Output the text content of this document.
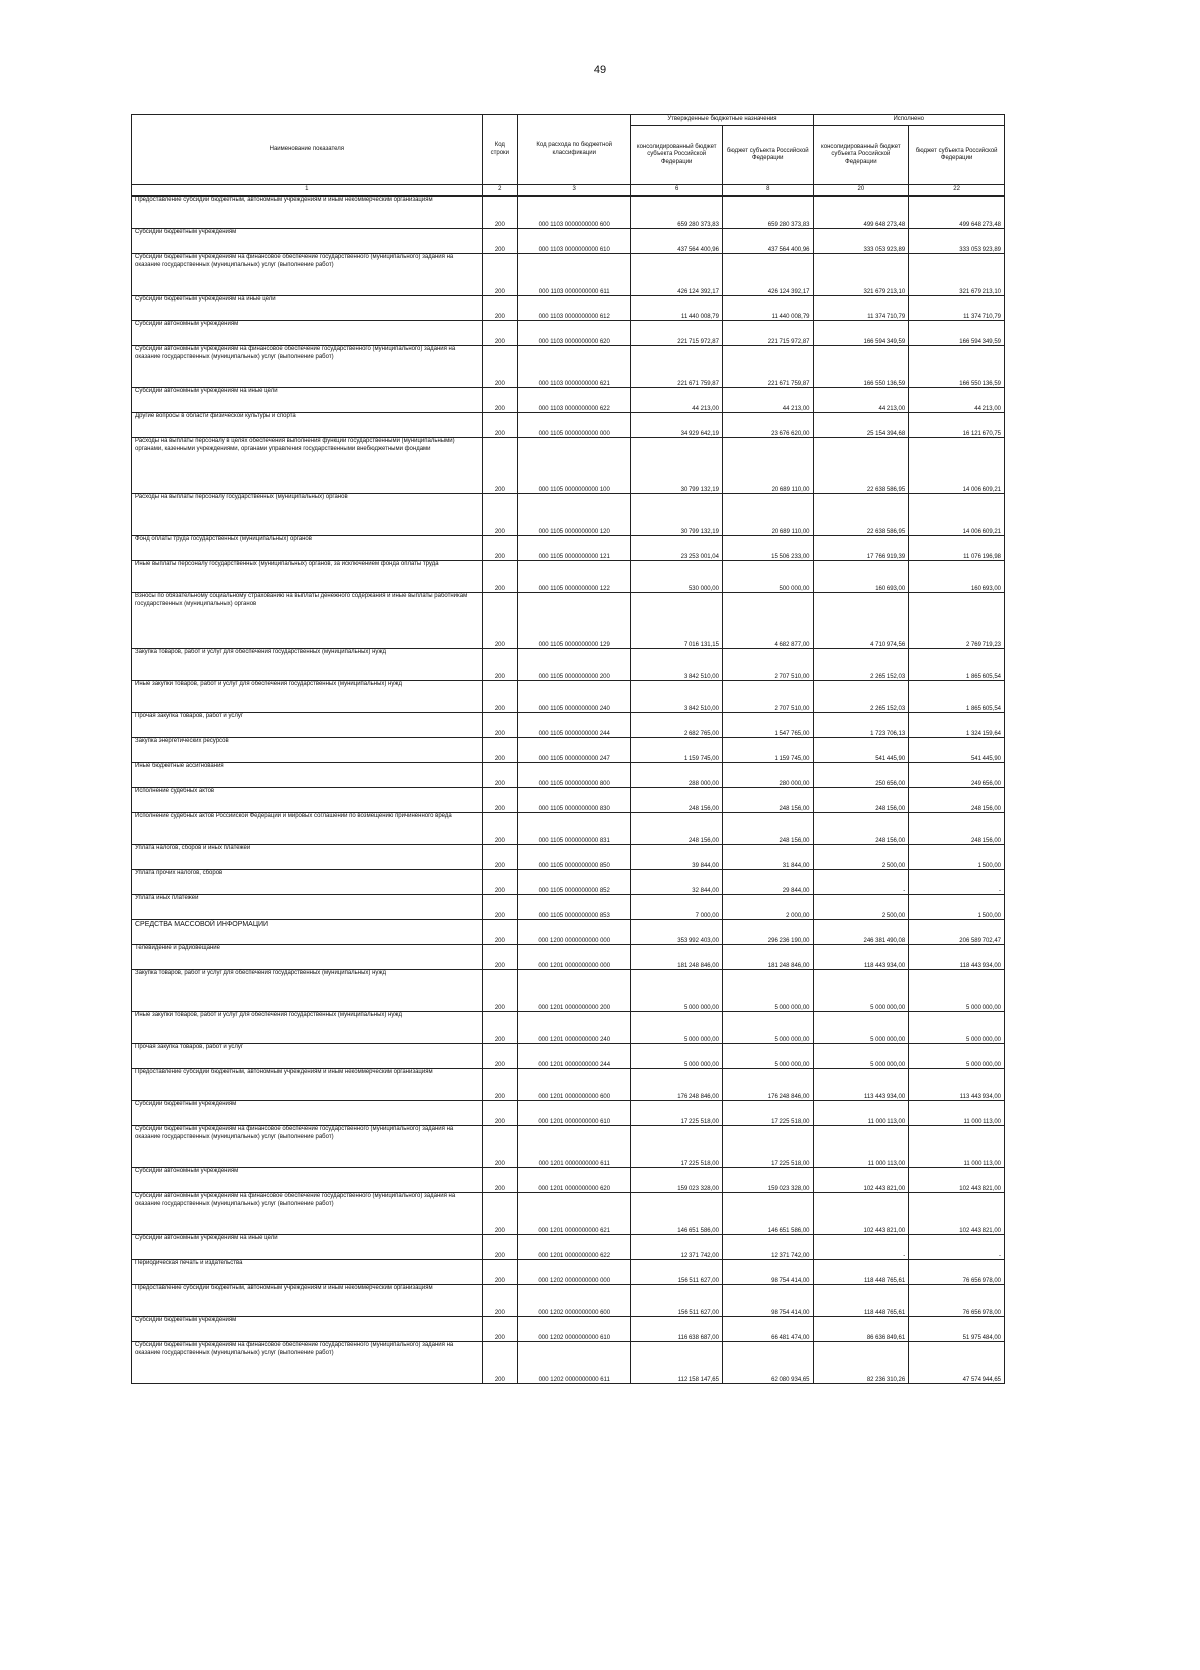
49
Наименование показателя	Код строки	Код расхода по бюджетной классификации	Утвержденные бюджетные назначения		Исполнено	
			консолидированный бюджет субъекта Российской Федерации	бюджет субъекта Российской Федерации	консолидированный бюджет субъекта Российской Федерации	бюджет субъекта Российской Федерации
1	2	3	6	8	20	22
Предоставление субсидий бюджетным, автономным учреждениям и иным некоммерческим организациям	200	000 1103 0000000000 600	659 280 373,83	659 280 373,83	499 648 273,48	499 648 273,48
Субсидии бюджетным учреждениям	200	000 1103 0000000000 610	437 564 400,96	437 564 400,96	333 053 923,89	333 053 923,89
Субсидии бюджетным учреждениям на финансовое обеспечение государственного (муниципального) задания на оказание государственных (муниципальных) услуг (выполнение работ)	200	000 1103 0000000000 611	426 124 392,17	426 124 392,17	321 679 213,10	321 679 213,10
Субсидии бюджетным учреждениям на иные цели	200	000 1103 0000000000 612	11 440 008,79	11 440 008,79	11 374 710,79	11 374 710,79
Субсидии автономным учреждениям	200	000 1103 0000000000 620	221 715 972,87	221 715 972,87	166 594 349,59	166 594 349,59
Субсидии автономным учреждениям на финансовое обеспечение государственного (муниципального) задания на оказание государственных (муниципальных) услуг (выполнение работ)	200	000 1103 0000000000 621	221 671 759,87	221 671 759,87	166 550 136,59	166 550 136,59
Субсидии автономным учреждениям на иные цели	200	000 1103 0000000000 622	44 213,00	44 213,00	44 213,00	44 213,00
Другие вопросы в области физической культуры и спорта	200	000 1105 0000000000 000	34 929 642,19	23 676 620,00	25 154 394,68	16 121 670,75
Расходы на выплаты персоналу в целях обеспечения выполнения функций государственными (муниципальными) органами, казенными учреждениями, органами управления государственными внебюджетными фондами	200	000 1105 0000000000 100	30 799 132,19	20 689 110,00	22 638 586,95	14 006 609,21
Расходы на выплаты персоналу государственных (муниципальных) органов	200	000 1105 0000000000 120	30 799 132,19	20 689 110,00	22 638 586,95	14 006 609,21
Фонд оплаты труда государственных (муниципальных) органов	200	000 1105 0000000000 121	23 253 001,04	15 506 233,00	17 766 919,39	11 076 196,98
Иные выплаты персоналу государственных (муниципальных) органов, за исключением фонда оплаты труда	200	000 1105 0000000000 122	530 000,00	500 000,00	160 693,00	160 693,00
Взносы по обязательному социальному страхованию на выплаты денежного содержания и иные выплаты работникам государственных (муниципальных) органов	200	000 1105 0000000000 129	7 016 131,15	4 682 877,00	4 710 974,56	2 769 719,23
Закупка товаров, работ и услуг для обеспечения государственных (муниципальных) нужд	200	000 1105 0000000000 200	3 842 510,00	2 707 510,00	2 265 152,03	1 865 605,54
Иные закупки товаров, работ и услуг для обеспечения государственных (муниципальных) нужд	200	000 1105 0000000000 240	3 842 510,00	2 707 510,00	2 265 152,03	1 865 605,54
Прочая закупка товаров, работ и услуг	200	000 1105 0000000000 244	2 682 765,00	1 547 765,00	1 723 706,13	1 324 159,64
Закупка энергетических ресурсов	200	000 1105 0000000000 247	1 159 745,00	1 159 745,00	541 445,90	541 445,90
Иные бюджетные ассигнования	200	000 1105 0000000000 800	288 000,00	280 000,00	250 656,00	249 656,00
Исполнение судебных актов	200	000 1105 0000000000 830	248 156,00	248 156,00	248 156,00	248 156,00
Исполнение судебных актов Российской Федерации и мировых соглашений по возмещению причиненного вреда	200	000 1105 0000000000 831	248 156,00	248 156,00	248 156,00	248 156,00
Уплата налогов, сборов и иных платежей	200	000 1105 0000000000 850	39 844,00	31 844,00	2 500,00	1 500,00
Уплата прочих налогов, сборов	200	000 1105 0000000000 852	32 844,00	29 844,00	-	-
Уплата иных платежей	200	000 1105 0000000000 853	7 000,00	2 000,00	2 500,00	1 500,00
СРЕДСТВА МАССОВОЙ ИНФОРМАЦИИ	200	000 1200 0000000000 000	353 992 403,00	296 236 190,00	246 381 490,08	206 589 702,47
Телевидение и радиовещание	200	000 1201 0000000000 000	181 248 846,00	181 248 846,00	118 443 934,00	118 443 934,00
Закупка товаров, работ и услуг для обеспечения государственных (муниципальных) нужд	200	000 1201 0000000000 200	5 000 000,00	5 000 000,00	5 000 000,00	5 000 000,00
Иные закупки товаров, работ и услуг для обеспечения государственных (муниципальных) нужд	200	000 1201 0000000000 240	5 000 000,00	5 000 000,00	5 000 000,00	5 000 000,00
Прочая закупка товаров, работ и услуг	200	000 1201 0000000000 244	5 000 000,00	5 000 000,00	5 000 000,00	5 000 000,00
Предоставление субсидий бюджетным, автономным учреждениям и иным некоммерческим организациям	200	000 1201 0000000000 600	176 248 846,00	176 248 846,00	113 443 934,00	113 443 934,00
Субсидии бюджетным учреждениям	200	000 1201 0000000000 610	17 225 518,00	17 225 518,00	11 000 113,00	11 000 113,00
Субсидии бюджетным учреждениям на финансовое обеспечение государственного (муниципального) задания на оказание государственных (муниципальных) услуг (выполнение работ)	200	000 1201 0000000000 611	17 225 518,00	17 225 518,00	11 000 113,00	11 000 113,00
Субсидии автономным учреждениям	200	000 1201 0000000000 620	159 023 328,00	159 023 328,00	102 443 821,00	102 443 821,00
Субсидии автономным учреждениям на финансовое обеспечение государственного (муниципального) задания на оказание государственных (муниципальных) услуг (выполнение работ)	200	000 1201 0000000000 621	146 651 586,00	146 651 586,00	102 443 821,00	102 443 821,00
Субсидии автономным учреждениям на иные цели	200	000 1201 0000000000 622	12 371 742,00	12 371 742,00	-	-
Периодическая печать и издательства	200	000 1202 0000000000 000	156 511 627,00	98 754 414,00	118 448 765,61	76 656 978,00
Предоставление субсидий бюджетным, автономным учреждениям и иным некоммерческим организациям	200	000 1202 0000000000 600	156 511 627,00	98 754 414,00	118 448 765,61	76 656 978,00
Субсидии бюджетным учреждениям	200	000 1202 0000000000 610	116 638 687,00	66 481 474,00	86 636 849,61	51 975 484,00
Субсидии бюджетным учреждениям на финансовое обеспечение государственного (муниципального) задания на оказание государственных (муниципальных) услуг (выполнение работ)	200	000 1202 0000000000 611	112 158 147,65	62 080 934,65	82 236 310,26	47 574 944,65
